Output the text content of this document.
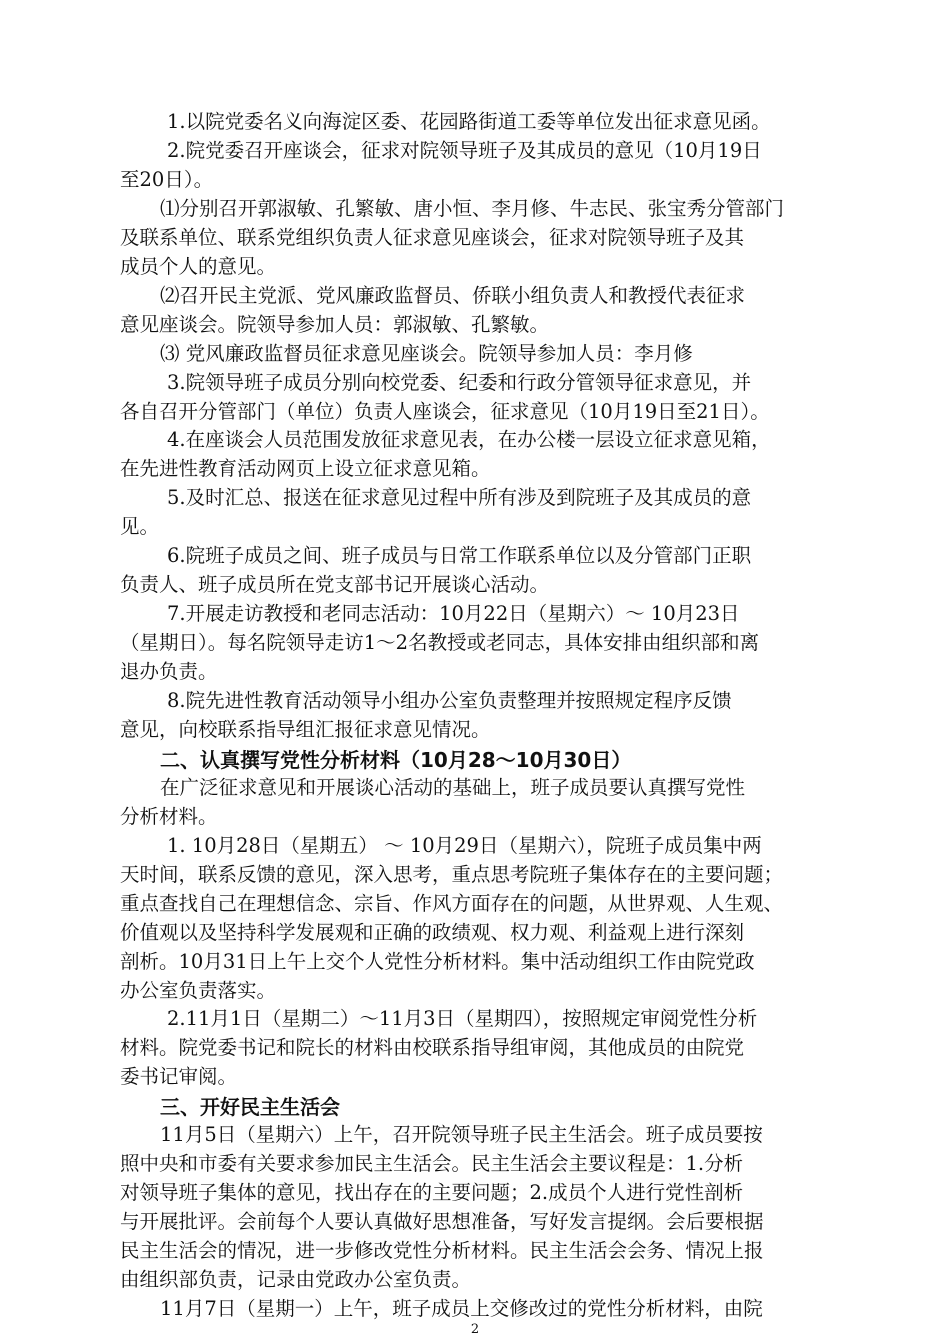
1.以院党委名义向海淀区委、花园路街道工委等单位发出征求意见函。
2.院党委召开座谈会，征求对院领导班子及其成员的意见（10月19日
至20日）。
⑴分别召开郭淑敏、孔繁敏、唐小恒、李月修、牛志民、张宝秀分管部门
及联系单位、联系党组织负责人征求意见座谈会，征求对院领导班子及其
成员个人的意见。
⑵召开民主党派、党风廉政监督员、侨联小组负责人和教授代表征求
意见座谈会。院领导参加人员：郭淑敏、孔繁敏。
⑶ 党风廉政监督员征求意见座谈会。院领导参加人员：李月修
3.院领导班子成员分别向校党委、纪委和行政分管领导征求意见，并
各自召开分管部门（单位）负责人座谈会，征求意见（10月19日至21日）。
4.在座谈会人员范围发放征求意见表，在办公楼一层设立征求意见箱，
在先进性教育活动网页上设立征求意见箱。
5.及时汇总、报送在征求意见过程中所有涉及到院班子及其成员的意
见。
6.院班子成员之间、班子成员与日常工作联系单位以及分管部门正职
负责人、班子成员所在党支部书记开展谈心活动。
7.开展走访教授和老同志活动：10月22日（星期六）～ 10月23日
（星期日）。每名院领导走访1～2名教授或老同志，具体安排由组织部和离
退办负责。
8.院先进性教育活动领导小组办公室负责整理并按照规定程序反馈
意见，向校联系指导组汇报征求意见情况。
二、认真撰写党性分析材料（10月28～10月30日）
在广泛征求意见和开展谈心活动的基础上，班子成员要认真撰写党性
分析材料。
1. 10月28日（星期五） ～ 10月29日（星期六），院班子成员集中两
天时间，联系反馈的意见，深入思考，重点思考院班子集体存在的主要问题；
重点查找自己在理想信念、宗旨、作风方面存在的问题，从世界观、人生观、
价值观以及坚持科学发展观和正确的政绩观、权力观、利益观上进行深刻
剖析。10月31日上午上交个人党性分析材料。集中活动组织工作由院党政
办公室负责落实。
2.11月1日（星期二）～11月3日（星期四），按照规定审阅党性分析
材料。院党委书记和院长的材料由校联系指导组审阅，其他成员的由院党
委书记审阅。
三、开好民主生活会
11月5日（星期六）上午，召开院领导班子民主生活会。班子成员要按
照中央和市委有关要求参加民主生活会。民主生活会主要议程是：1.分析
对领导班子集体的意见，找出存在的主要问题；2.成员个人进行党性剖析
与开展批评。会前每个人要认真做好思想准备，写好发言提纲。会后要根据
民主生活会的情况，进一步修改党性分析材料。民主生活会会务、情况上报
由组织部负责，记录由党政办公室负责。
11月7日（星期一）上午，班子成员上交修改过的党性分析材料，由院
2
